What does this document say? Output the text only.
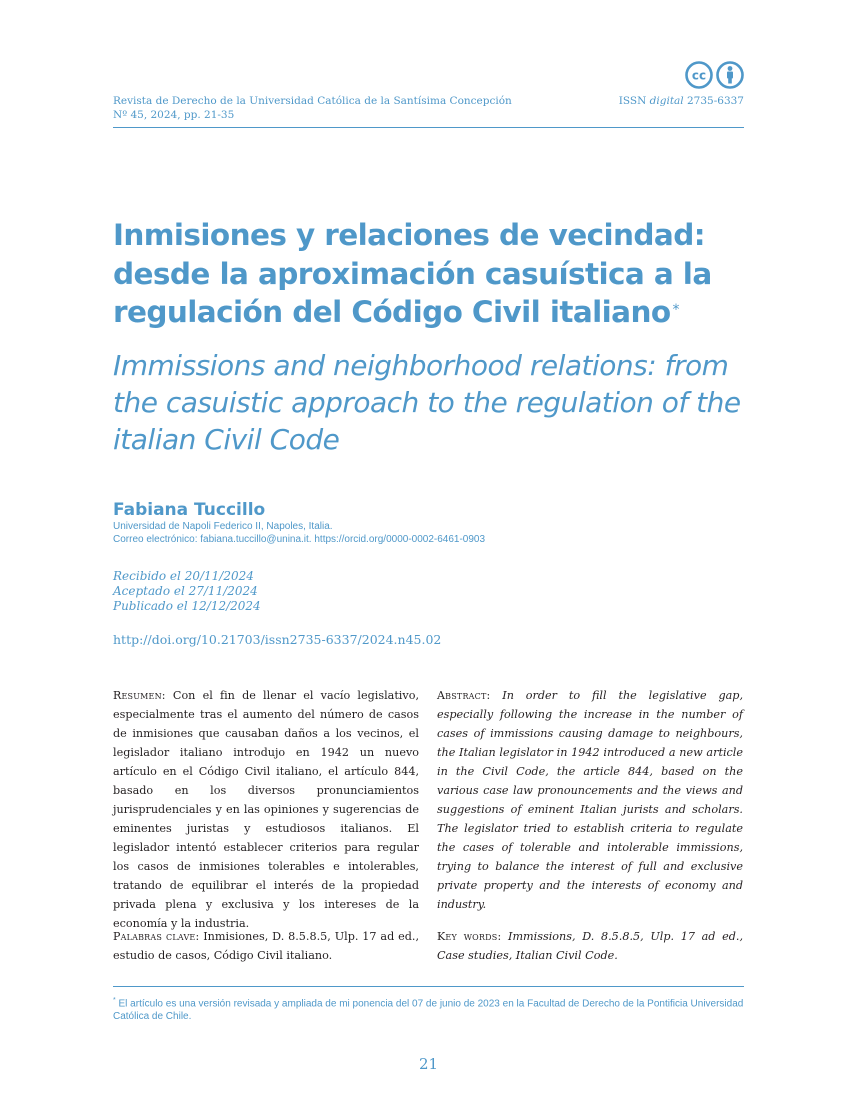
cc
Revista de Derecho de la Universidad Católica de la Santísima Concepción
Nº 45, 2024, pp. 21-35
ISSN digital 2735-6337
Inmisiones y relaciones de vecindad: desde la aproximación casuística a la regulación del Código Civil italiano *
Immissions and neighborhood relations: from the casuistic approach to the regulation of the italian Civil Code
Fabiana Tuccillo
Universidad de Napoli Federico II, Napoles, Italia.
Correo electrónico: fabiana.tuccillo@unina.it. https://orcid.org/0000-0002-6461-0903
Recibido el 20/11/2024
Aceptado el 27/11/2024
Publicado el 12/12/2024
http://doi.org/10.21703/issn2735-6337/2024.n45.02
Resumen: Con el fin de llenar el vacío legislativo, especialmente tras el aumento del número de casos de inmisiones que causaban daños a los vecinos, el legislador italiano introdujo en 1942 un nuevo artículo en el Código Civil italiano, el artículo 844, basado en los diversos pronunciamientos jurisprudenciales y en las opiniones y sugerencias de eminentes juristas y estudiosos italianos. El legislador intentó establecer criterios para regular los casos de inmisiones tolerables e intolerables, tratando de equilibrar el interés de la propiedad privada plena y exclusiva y los intereses de la economía y la industria.
Abstract: In order to fill the legislative gap, especially following the increase in the number of cases of immissions causing damage to neighbours, the Italian legislator in 1942 introduced a new article in the Civil Code, the article 844, based on the various case law pronouncements and the views and suggestions of eminent Italian jurists and scholars. The legislator tried to establish criteria to regulate the cases of tolerable and intolerable immissions, trying to balance the interest of full and exclusive private property and the interests of economy and industry.
Palabras clave: Inmisiones, D. 8.5.8.5, Ulp. 17 ad ed., estudio de casos, Código Civil italiano.
Key words: Immissions, D. 8.5.8.5, Ulp. 17 ad ed., Case studies, Italian Civil Code.
* El artículo es una versión revisada y ampliada de mi ponencia del 07 de junio de 2023 en la Facultad de Derecho de la Pontificia Universidad Católica de Chile.
21
